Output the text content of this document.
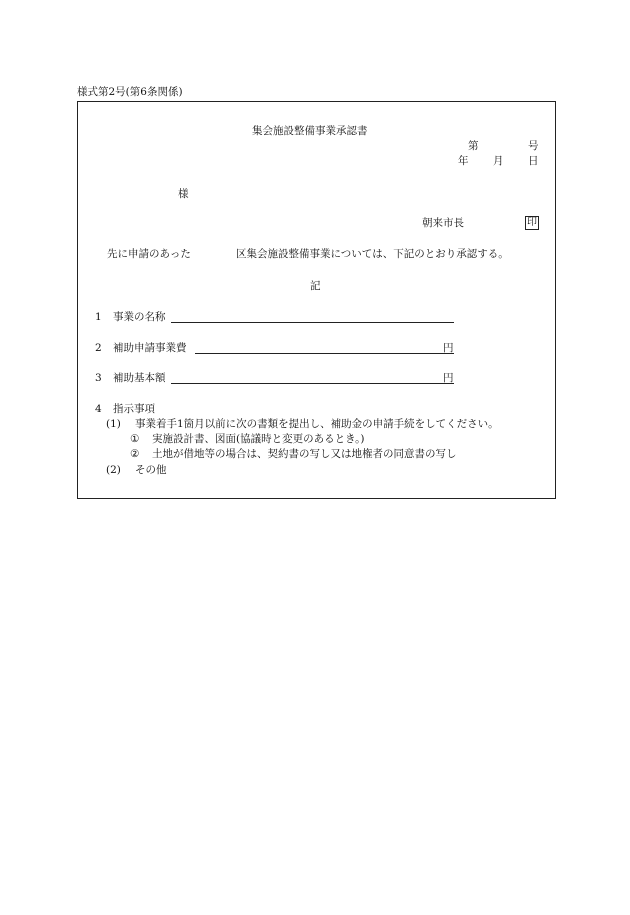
様式第2号(第6条関係)
集会施設整備事業承認書
第	号
年 月 日
様
朝来市長	印
先に申請のあった	区集会施設整備事業については、下記のとおり承認する。
記
1 事業の名称
2 補助申請事業費	円
3 補助基本額	円
4 指示事項
(1) 事業着手1箇月以前に次の書類を提出し、補助金の申請手続をしてください。
① 実施設計書、図面(協議時と変更のあるとき。)
② 土地が借地等の場合は、契約書の写し又は地権者の同意書の写し
(2) その他
